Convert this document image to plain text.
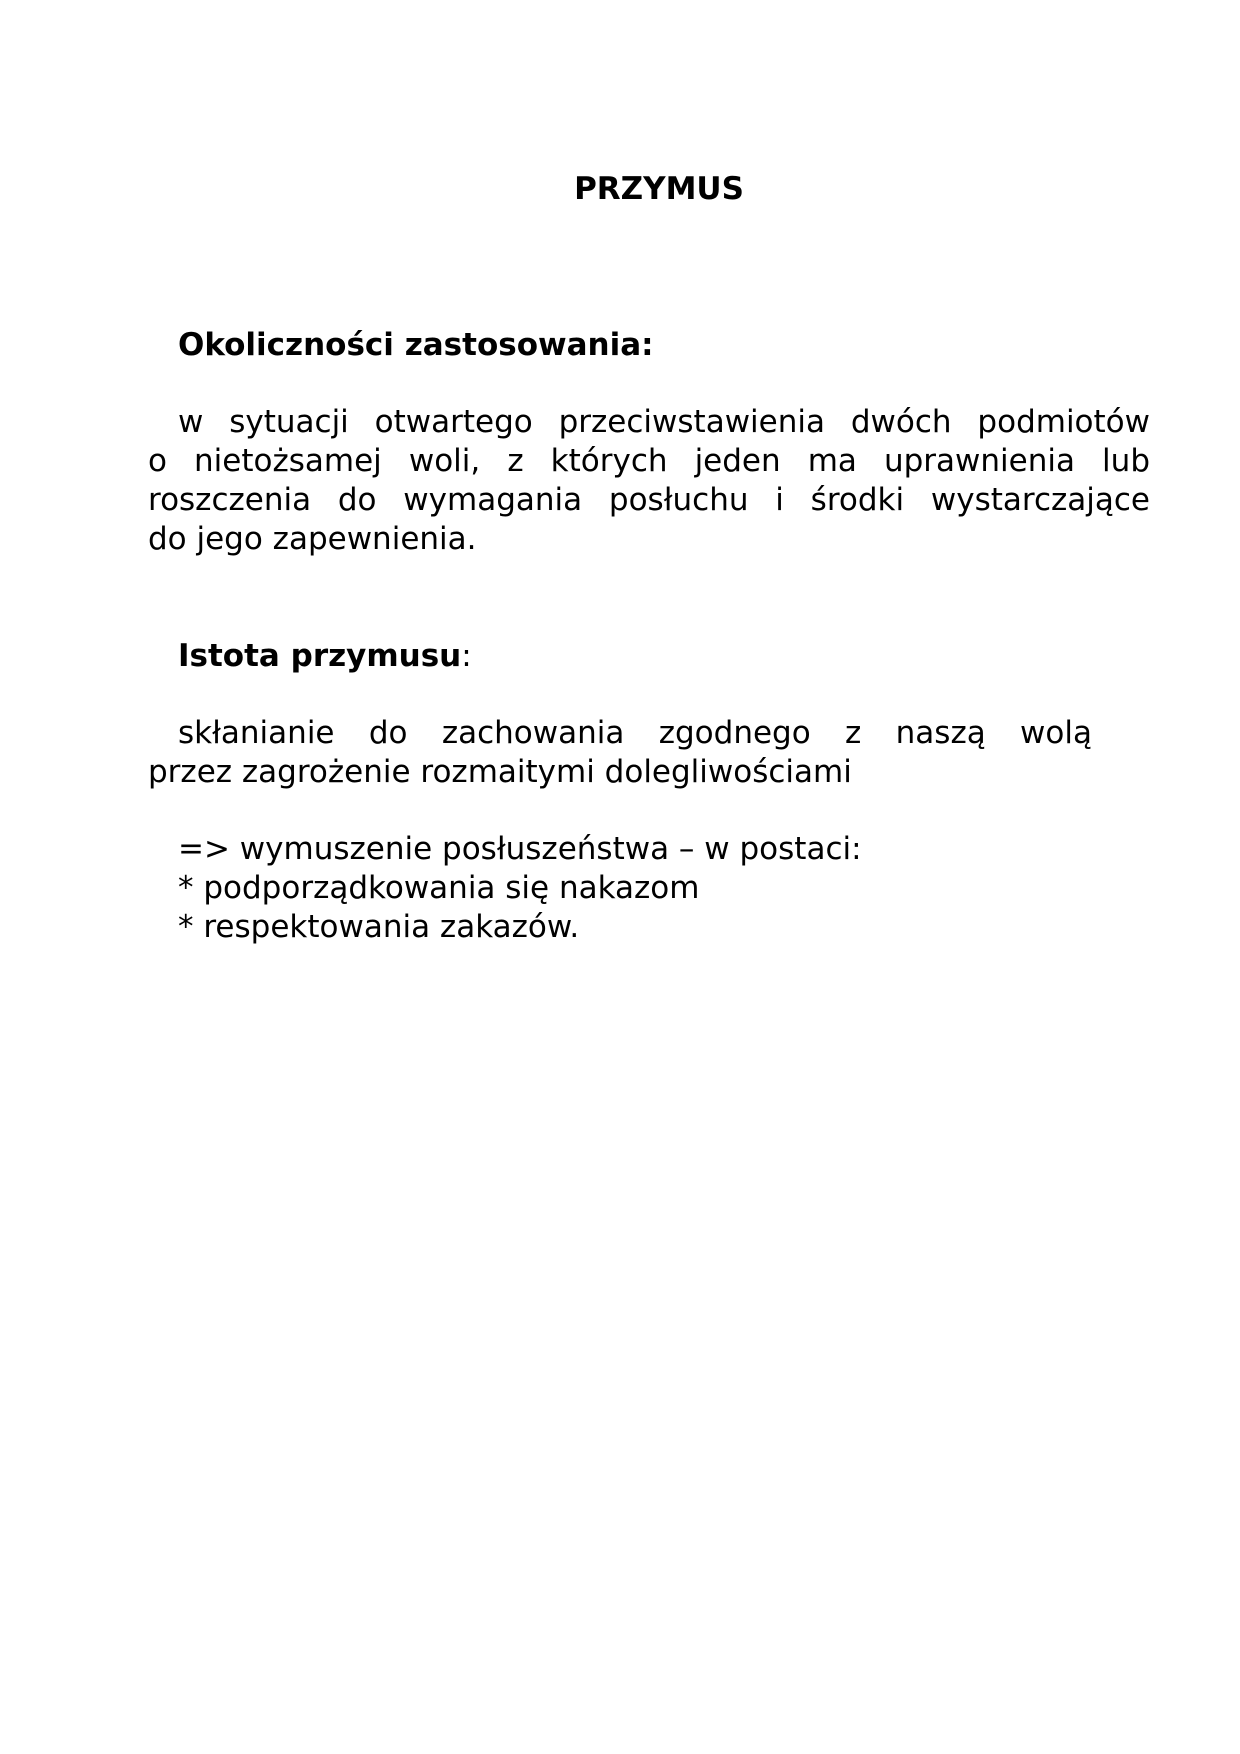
PRZYMUS
Okoliczności zastosowania:
w sytuacji otwartego przeciwstawienia dwóch podmiotów
o nietożsamej woli, z których jeden ma uprawnienia lub
roszczenia do wymagania posłuchu i środki wystarczające
do jego zapewnienia.
Istota przymusu:
skłanianie do zachowania zgodnego z naszą wolą
przez zagrożenie rozmaitymi dolegliwościami
=> wymuszenie posłuszeństwa – w postaci:
* podporządkowania się nakazom
* respektowania zakazów.
